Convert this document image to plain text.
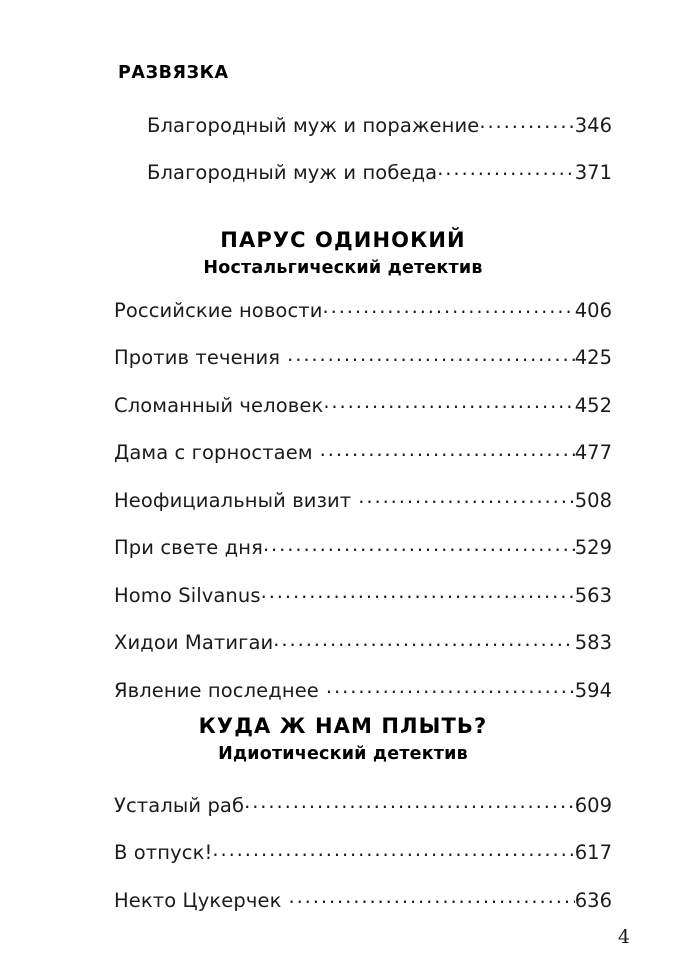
РАЗВЯЗКА
Благородный муж и поражение .....	346
Благородный муж и победа .....	371
ПАРУС ОДИНОКИЙ
Ностальгический детектив
Российские новости .....	406
Против течения .....	425
Сломанный человек .....	452
Дама с горностаем .....	477
Неофициальный визит .....	508
При свете дня .....	529
Homo Silvanus .....	563
Хидои Матигаи .....	583
Явление последнее .....	594
КУДА Ж НАМ ПЛЫТЬ?
Идиотический детектив
Усталый раб .....	609
В отпуск! .....	617
Некто Цукерчек .....	636
4
